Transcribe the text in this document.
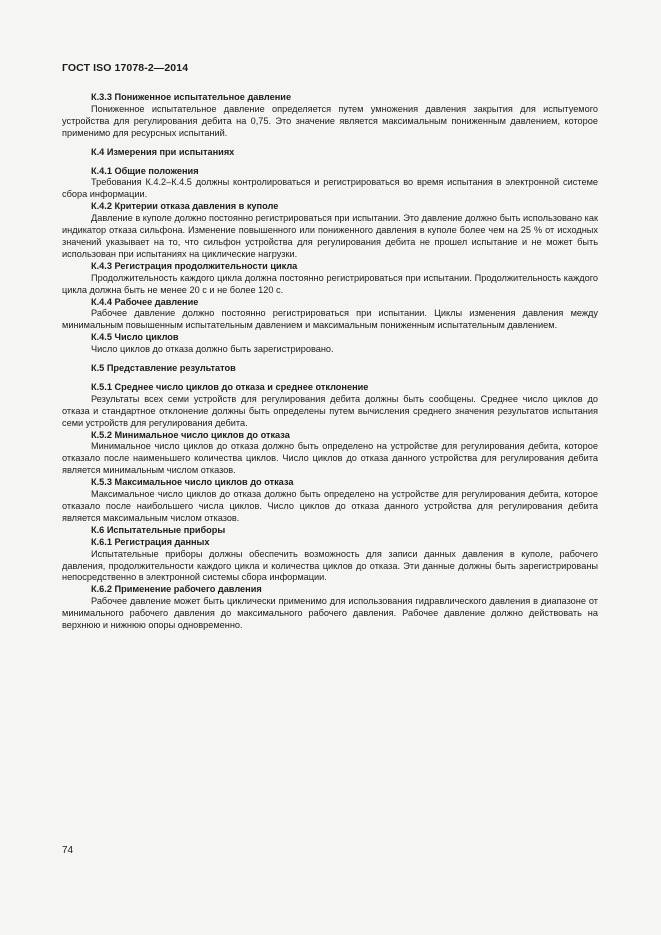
ГОСТ ISO 17078-2—2014

К.3.3 Пониженное испытательное давление

Пониженное испытательное давление определяется путем умножения давления закрытия для испытуемого устройства для регулирования дебита на 0,75. Это значение является максимальным пониженным давлением, которое применимо для ресурсных испытаний.

К.4 Измерения при испытаниях

К.4.1 Общие положения

Требования К.4.2–К.4.5 должны контролироваться и регистрироваться во время испытания в электронной системе сбора информации.

К.4.2 Критерии отказа давления в куполе

Давление в куполе должно постоянно регистрироваться при испытании. Это давление должно быть использовано как индикатор отказа сильфона. Изменение повышенного или пониженного давления в куполе более чем на 25 % от исходных значений указывает на то, что сильфон устройства для регулирования дебита не прошел испытание и не может быть использован при испытаниях на циклические нагрузки.

К.4.3 Регистрация продолжительности цикла

Продолжительность каждого цикла должна постоянно регистрироваться при испытании. Продолжительность каждого цикла должна быть не менее 20 с и не более 120 с.

К.4.4 Рабочее давление

Рабочее давление должно постоянно регистрироваться при испытании. Циклы изменения давления между минимальным повышенным испытательным давлением и максимальным пониженным испытательным давлением.

К.4.5 Число циклов

Число циклов до отказа должно быть зарегистрировано.

К.5 Представление результатов

К.5.1 Среднее число циклов до отказа и среднее отклонение

Результаты всех семи устройств для регулирования дебита должны быть сообщены. Среднее число циклов до отказа и стандартное отклонение должны быть определены путем вычисления среднего значения результатов испытания семи устройств для регулирования дебита.

К.5.2 Минимальное число циклов до отказа

Минимальное число циклов до отказа должно быть определено на устройстве для регулирования дебита, которое отказало после наименьшего количества циклов. Число циклов до отказа данного устройства для регулирования дебита является минимальным числом отказов.

К.5.3 Максимальное число циклов до отказа

Максимальное число циклов до отказа должно быть определено на устройстве для регулирования дебита, которое отказало после наибольшего числа циклов. Число циклов до отказа данного устройства для регулирования дебита является максимальным числом отказов.

К.6 Испытательные приборы

К.6.1 Регистрация данных

Испытательные приборы должны обеспечить возможность для записи данных давления в куполе, рабочего давления, продолжительности каждого цикла и количества циклов до отказа. Эти данные должны быть зарегистрированы непосредственно в электронной системы сбора информации.

К.6.2 Применение рабочего давления

Рабочее давление может быть циклически применимо для использования гидравлического давления в диапазоне от минимального рабочего давления до максимального рабочего давления. Рабочее давление должно действовать на верхнюю и нижнюю опоры одновременно.

74
